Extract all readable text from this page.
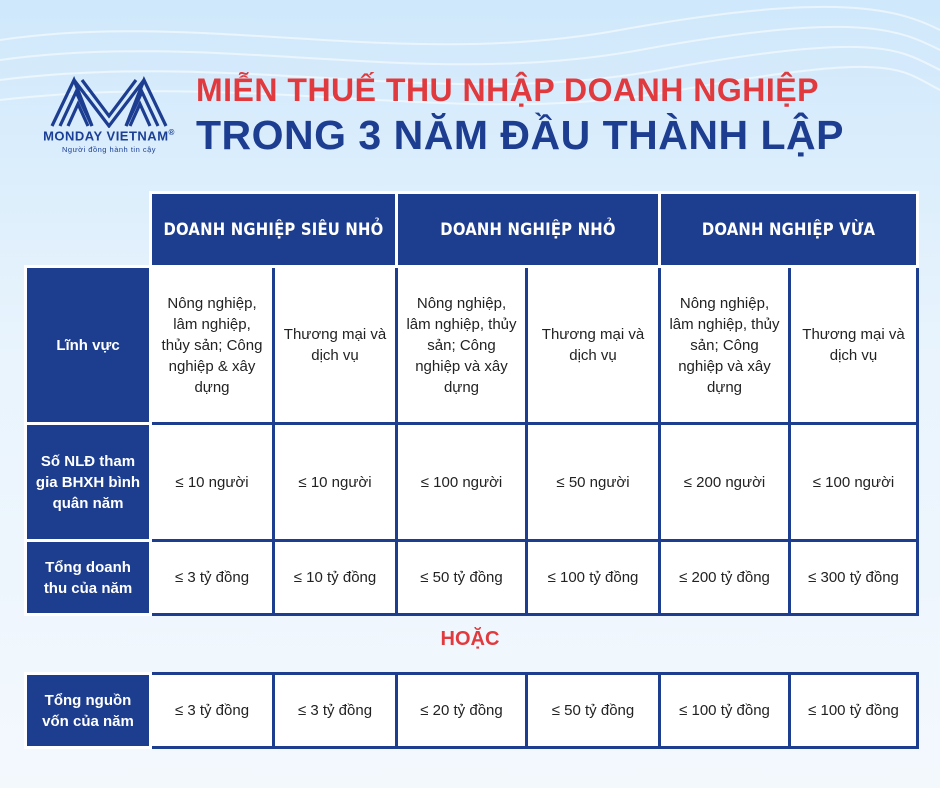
MONDAY VIETNAM®
Người đồng hành tin cậy
MIỄN THUẾ THU NHẬP DOANH NGHIỆP
TRONG 3 NĂM ĐẦU THÀNH LẬP
	DOANH NGHIỆP SIÊU NHỎ		DOANH NGHIỆP NHỎ		DOANH NGHIỆP VỪA	
Lĩnh vực	Nông nghiệp, lâm nghiệp, thủy sản; Công nghiệp & xây dựng	Thương mại và dịch vụ	Nông nghiệp, lâm nghiệp, thủy sản; Công nghiệp và xây dựng	Thương mại và dịch vụ	Nông nghiệp, lâm nghiệp, thủy sản; Công nghiệp và xây dựng	Thương mại và dịch vụ
Số NLĐ tham gia BHXH bình quân năm	≤ 10 người	≤ 10 người	≤ 100 người	≤ 50 người	≤ 200 người	≤ 100 người
Tổng doanh thu của năm	≤ 3 tỷ đồng	≤ 10 tỷ đồng	≤ 50 tỷ đồng	≤ 100 tỷ đồng	≤ 200 tỷ đồng	≤ 300 tỷ đồng
HOẶC
Tổng nguồn vốn của năm	≤ 3 tỷ đồng	≤ 3 tỷ đồng	≤ 20 tỷ đồng	≤ 50 tỷ đồng	≤ 100 tỷ đồng	≤ 100 tỷ đồng
